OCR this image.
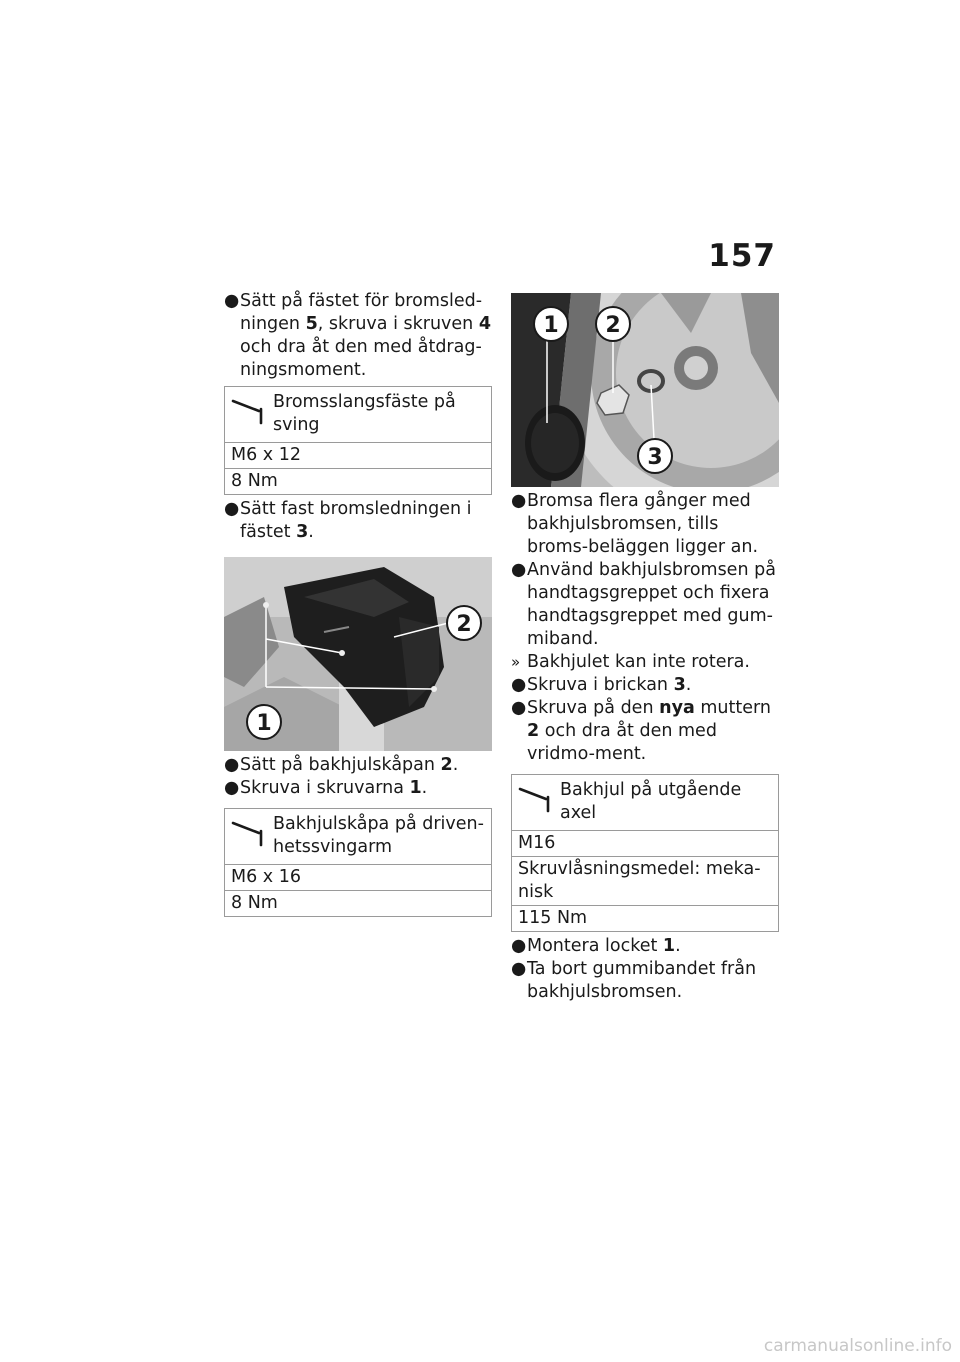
157

● Sätt på fästet för bromsled-ningen 5, skruva i skruven 4 och dra åt den med åtdrag-ningsmoment.

Bromsslangsfäste på sving
M6 x 12
8 Nm

● Sätt fast bromsledningen i fästet 3.

1
2

● Sätt på bakhjulskåpan 2.

● Skruva i skruvarna 1.

Bakhjulskåpa på driven-hetssvingarm
M6 x 16
8 Nm
1 2
3

● Bromsa flera gånger med bakhjulsbromsen, tills broms-beläggen ligger an.

● Använd bakhjulsbromsen på handtagsgreppet och fixera handtagsgreppet med gum-miband.

» Bakhjulet kan inte rotera.

● Skruva i brickan 3.

● Skruva på den nya muttern 2 och dra åt den med vridmo-ment.

Bakhjul på utgående axel
M16
Skruvlåsningsmedel: meka-nisk
115 Nm

● Montera locket 1.

● Ta bort gummibandet från bakhjulsbromsen.

carmanualsonline.info
